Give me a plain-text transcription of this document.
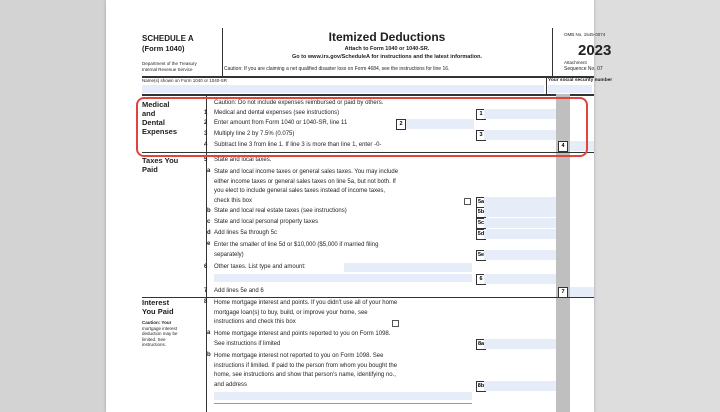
SCHEDULE A
(Form 1040)
Department of the Treasury
Internal Revenue Service
Itemized Deductions
Attach to Form 1040 or 1040-SR.
Go to www.irs.gov/ScheduleA for instructions and the latest information.
Caution: If you are claiming a net qualified disaster loss on Form 4684, see the instructions for line 16.
OMB No. 1545-0074
2023
Attachment
Sequence No. 07
Name(s) shown on Form 1040 or 1040-SR	Your social security number
Medical
and
Dental
Expenses
Caution: Do not include expenses reimbursed or paid by others.
1 Medical and dental expenses (see instructions)	1
2 Enter amount from Form 1040 or 1040-SR, line 11	2
3 Multiply line 2 by 7.5% (0.075)	3
4 Subtract line 3 from line 1. If line 3 is more than line 1, enter -0-	4
Taxes You
Paid
5 State and local taxes.
a State and local income taxes or general sales taxes. You may include
either income taxes or general sales taxes on line 5a, but not both. If
you elect to include general sales taxes instead of income taxes,
check this box	5a
b State and local real estate taxes (see instructions)	5b
c State and local personal property taxes	5c
d Add lines 5a through 5c	5d
e Enter the smaller of line 5d or $10,000 ($5,000 if married filing
separately)	5e
6 Other taxes. List type and amount:
6
7 Add lines 5e and 6	7
Interest
You Paid
Caution: Your
mortgage interest
deduction may be
limited. See
instructions.
8 Home mortgage interest and points. If you didn't use all of your home
mortgage loan(s) to buy, build, or improve your home, see
instructions and check this box
a Home mortgage interest and points reported to you on Form 1098.
See instructions if limited	8a
b Home mortgage interest not reported to you on Form 1098. See
instructions if limited. If paid to the person from whom you bought the
home, see instructions and show that person's name, identifying no.,
and address	8b
